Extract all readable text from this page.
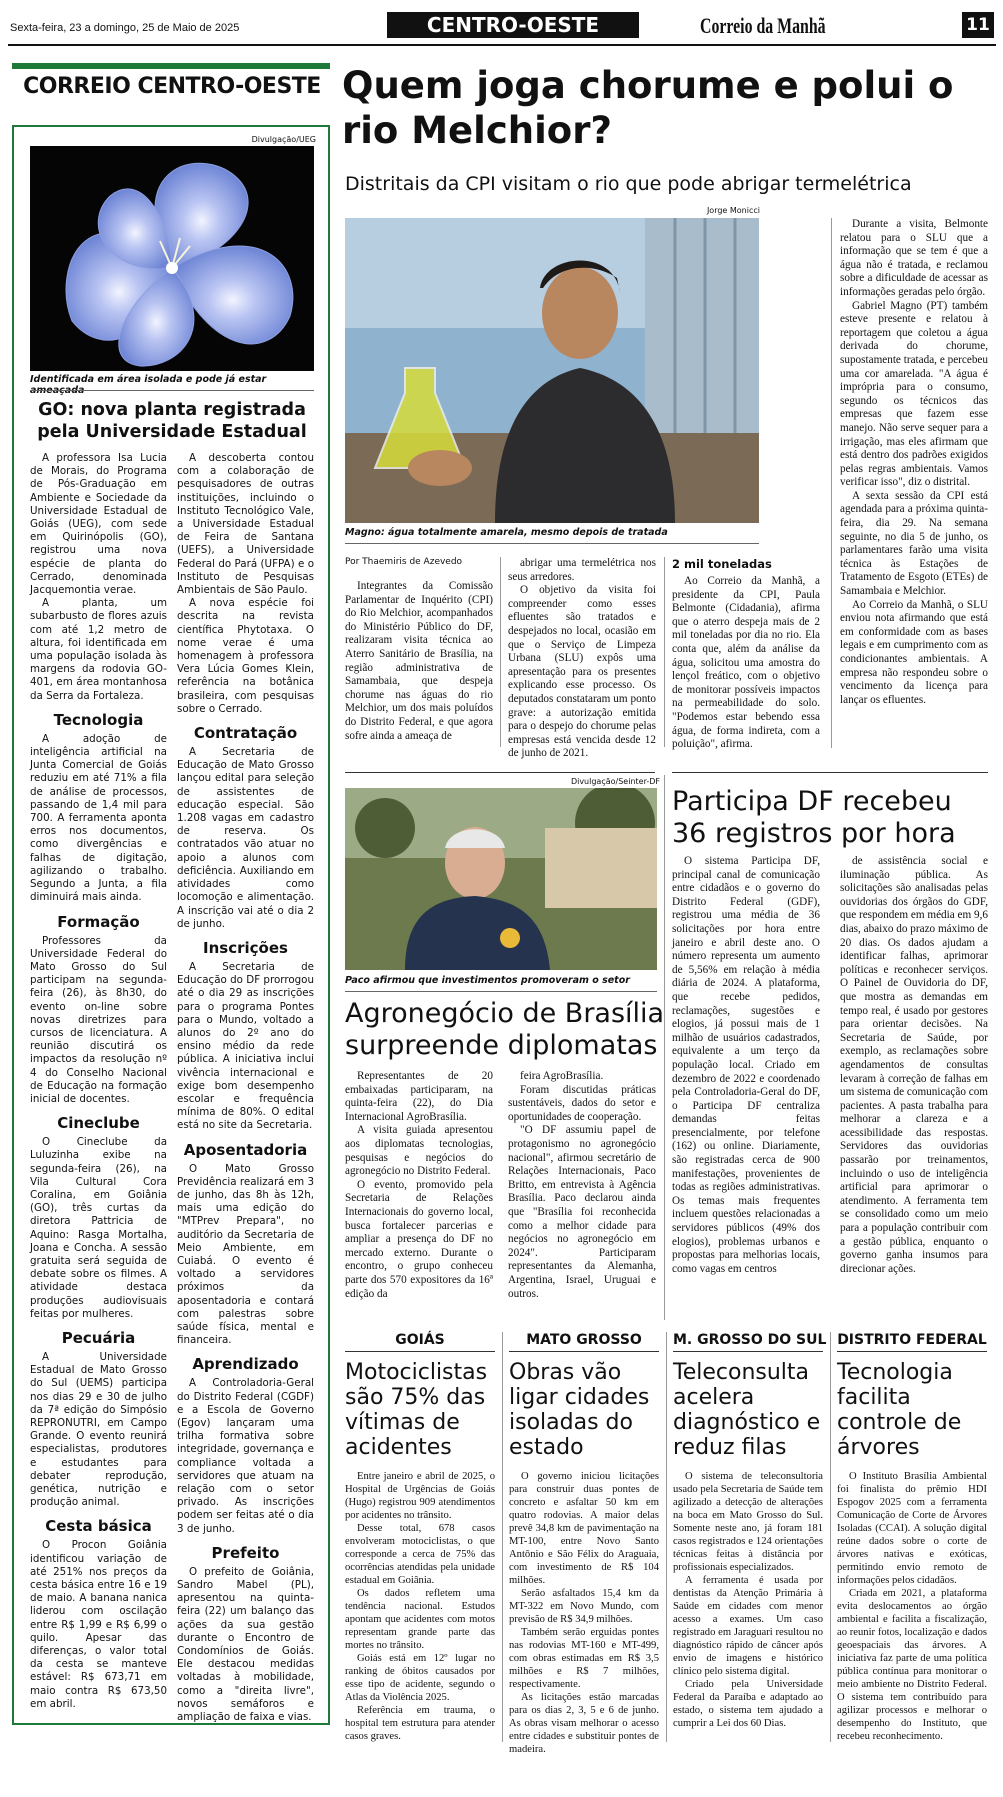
Sexta-feira, 23 a domingo, 25 de Maio de 2025	CENTRO-OESTE	Correio da Manhã	11
CORREIO CENTRO-OESTE
Divulgação/UEG
Identificada em área isolada e pode já estar ameaçada
GO: nova planta registrada pela Universidade Estadual

A professora Isa Lucia de Morais, do Programa de Pós-Graduação em Ambiente e Sociedade da Universidade Estadual de Goiás (UEG), com sede em Quirinópolis (GO), registrou uma nova espécie de planta do Cerrado, denominada Jacquemontia verae.

A planta, um subarbusto de flores azuis com até 1,2 metro de altura, foi identificada em uma população isolada às margens da rodovia GO-401, em área montanhosa da Serra da Fortaleza.

Tecnologia

A adoção de inteligência artificial na Junta Comercial de Goiás reduziu em até 71% a fila de análise de processos, passando de 1,4 mil para 700. A ferramenta aponta erros nos documentos, como divergências e falhas de digitação, agilizando o trabalho. Segundo a Junta, a fila diminuirá mais ainda.

Formação

Professores da Universidade Federal do Mato Grosso do Sul participam na segunda-feira (26), às 8h30, do evento on-line sobre novas diretrizes para cursos de licenciatura. A reunião discutirá os impactos da resolução nº 4 do Conselho Nacional de Educação na formação inicial de docentes.

Cineclube

O Cineclube da Luluzinha exibe na segunda-feira (26), na Vila Cultural Cora Coralina, em Goiânia (GO), três curtas da diretora Pattricia de Aquino: Rasga Mortalha, Joana e Concha. A sessão gratuita será seguida de debate sobre os filmes. A atividade destaca produções audiovisuais feitas por mulheres.

Pecuária

A Universidade Estadual de Mato Grosso do Sul (UEMS) participa nos dias 29 e 30 de julho da 7ª edição do Simpósio REPRONUTRI, em Campo Grande. O evento reunirá especialistas, produtores e estudantes para debater reprodução, genética, nutrição e produção animal.

Cesta básica

O Procon Goiânia identificou variação de até 251% nos preços da cesta básica entre 16 e 19 de maio. A banana nanica liderou com oscilação entre R$ 1,99 e R$ 6,99 o quilo. Apesar das diferenças, o valor total da cesta se manteve estável: R$ 673,71 em maio contra R$ 673,50 em abril.

A descoberta contou com a colaboração de pesquisadores de outras instituições, incluindo o Instituto Tecnológico Vale, a Universidade Estadual de Feira de Santana (UEFS), a Universidade Federal do Pará (UFPA) e o Instituto de Pesquisas Ambientais de São Paulo.

A nova espécie foi descrita na revista científica Phytotaxa. O nome verae é uma homenagem à professora Vera Lúcia Gomes Klein, referência na botânica brasileira, com pesquisas sobre o Cerrado.

Contratação

A Secretaria de Educação de Mato Grosso lançou edital para seleção de assistentes de educação especial. São 1.208 vagas em cadastro de reserva. Os contratados vão atuar no apoio a alunos com deficiência. Auxiliando em atividades como locomoção e alimentação. A inscrição vai até o dia 2 de junho.

Inscrições

A Secretaria de Educação do DF prorrogou até o dia 29 as inscrições para o programa Pontes para o Mundo, voltado a alunos do 2º ano do ensino médio da rede pública. A iniciativa inclui vivência internacional e exige bom desempenho escolar e frequência mínima de 80%. O edital está no site da Secretaria.

Aposentadoria

O Mato Grosso Previdência realizará em 3 de junho, das 8h às 12h, mais uma edição do "MTPrev Prepara", no auditório da Secretaria de Meio Ambiente, em Cuiabá. O evento é voltado a servidores próximos da aposentadoria e contará com palestras sobre saúde física, mental e financeira.

Aprendizado

A Controladoria-Geral do Distrito Federal (CGDF) e a Escola de Governo (Egov) lançaram uma trilha formativa sobre integridade, governança e compliance voltada a servidores que atuam na relação com o setor privado. As inscrições podem ser feitas até o dia 3 de junho.

Prefeito

O prefeito de Goiânia, Sandro Mabel (PL), apresentou na quinta-feira (22) um balanço das ações da sua gestão durante o Encontro de Condomínios de Goiás. Ele destacou medidas voltadas à mobilidade, como a "direita livre", novos semáforos e ampliação de faixa e vias.

Quem joga chorume e polui o rio Melchior?
Distritais da CPI visitam o rio que pode abrigar termelétrica
Jorge Monicci
Magno: água totalmente amarela, mesmo depois de tratada
Por Thaemiris de Azevedo

Integrantes da Comissão Parlamentar de Inquérito (CPI) do Rio Melchior, acompanhados do Ministério Público do DF, realizaram visita técnica ao Aterro Sanitário de Brasília, na região administrativa de Samambaia, que despeja chorume nas águas do rio Melchior, um dos mais poluídos do Distrito Federal, e que agora sofre ainda a ameaça de

abrigar uma termelétrica nos seus arredores.

O objetivo da visita foi compreender como esses efluentes são tratados e despejados no local, ocasião em que o Serviço de Limpeza Urbana (SLU) expôs uma apresentação para os presentes explicando esse processo. Os deputados constataram um ponto grave: a autorização emitida para o despejo do chorume pelas empresas está vencida desde 12 de junho de 2021.

2 mil toneladas

Ao Correio da Manhã, a presidente da CPI, Paula Belmonte (Cidadania), afirma que o aterro despeja mais de 2 mil toneladas por dia no rio. Ela conta que, além da análise da água, solicitou uma amostra do lençol freático, com o objetivo de monitorar possíveis impactos na permeabilidade do solo. "Podemos estar bebendo essa água, de forma indireta, com a poluição", afirma.

Durante a visita, Belmonte relatou para o SLU que a informação que se tem é que a água não é tratada, e reclamou sobre a dificuldade de acessar as informações geradas pelo órgão.

Gabriel Magno (PT) também esteve presente e relatou à reportagem que coletou a água derivada do chorume, supostamente tratada, e percebeu uma cor amarelada. "A água é imprópria para o consumo, segundo os técnicos das empresas que fazem esse manejo. Não serve sequer para a irrigação, mas eles afirmam que está dentro dos padrões exigidos pelas regras ambientais. Vamos verificar isso", diz o distrital.

A sexta sessão da CPI está agendada para a próxima quinta-feira, dia 29. Na semana seguinte, no dia 5 de junho, os parlamentares farão uma visita técnica às Estações de Tratamento de Esgoto (ETEs) de Samambaia e Melchior.

Ao Correio da Manhã, o SLU enviou nota afirmando que está em conformidade com as bases legais e em cumprimento com as condicionantes ambientais. A empresa não respondeu sobre o vencimento da licença para lançar os efluentes.

Divulgação/Seinter-DF
Paco afirmou que investimentos promoveram o setor
Agronegócio de Brasília surpreende diplomatas

Representantes de 20 embaixadas participaram, na quinta-feira (22), do Dia Internacional AgroBrasília.

A visita guiada apresentou aos diplomatas tecnologias, pesquisas e negócios do agronegócio no Distrito Federal.

O evento, promovido pela Secretaria de Relações Internacionais do governo local, busca fortalecer parcerias e ampliar a presença do DF no mercado externo. Durante o encontro, o grupo conheceu parte dos 570 expositores da 16ª edição da

feira AgroBrasília.

Foram discutidas práticas sustentáveis, dados do setor e oportunidades de cooperação.

"O DF assumiu papel de protagonismo no agronegócio nacional", afirmou secretário de Relações Internacionais, Paco Britto, em entrevista à Agência Brasília. Paco declarou ainda que "Brasília foi reconhecida como a melhor cidade para negócios no agronegócio em 2024". Participaram representantes da Alemanha, Argentina, Israel, Uruguai e outros.

Participa DF recebeu 36 registros por hora

O sistema Participa DF, principal canal de comunicação entre cidadãos e o governo do Distrito Federal (GDF), registrou uma média de 36 solicitações por hora entre janeiro e abril deste ano. O número representa um aumento de 5,56% em relação à média diária de 2024. A plataforma, que recebe pedidos, reclamações, sugestões e elogios, já possui mais de 1 milhão de usuários cadastrados, equivalente a um terço da população local. Criado em dezembro de 2022 e coordenado pela Controladoria-Geral do DF, o Participa DF centraliza demandas feitas presencialmente, por telefone (162) ou online. Diariamente, são registradas cerca de 900 manifestações, provenientes de todas as regiões administrativas. Os temas mais frequentes incluem questões relacionadas a servidores públicos (49% dos elogios), problemas urbanos e propostas para melhorias locais, como vagas em centros

de assistência social e iluminação pública. As solicitações são analisadas pelas ouvidorias dos órgãos do GDF, que respondem em média em 9,6 dias, abaixo do prazo máximo de 20 dias. Os dados ajudam a identificar falhas, aprimorar políticas e reconhecer serviços. O Painel de Ouvidoria do DF, que mostra as demandas em tempo real, é usado por gestores para orientar decisões. Na Secretaria de Saúde, por exemplo, as reclamações sobre agendamentos de consultas levaram à correção de falhas em um sistema de comunicação com pacientes. A pasta trabalha para melhorar a clareza e a acessibilidade das respostas. Servidores das ouvidorias passarão por treinamentos, incluindo o uso de inteligência artificial para aprimorar o atendimento. A ferramenta tem se consolidado como um meio para a população contribuir com a gestão pública, enquanto o governo ganha insumos para direcionar ações.

GOIÁS
Motociclistas são 75% das vítimas de acidentes

Entre janeiro e abril de 2025, o Hospital de Urgências de Goiás (Hugo) registrou 909 atendimentos por acidentes no trânsito.

Desse total, 678 casos envolveram motociclistas, o que corresponde a cerca de 75% das ocorrências atendidas pela unidade estadual em Goiânia.

Os dados refletem uma tendência nacional. Estudos apontam que acidentes com motos representam grande parte das mortes no trânsito.

Goiás está em 12º lugar no ranking de óbitos causados por esse tipo de acidente, segundo o Atlas da Violência 2025.

Referência em trauma, o hospital tem estrutura para atender casos graves.

MATO GROSSO
Obras vão ligar cidades isoladas do estado

O governo iniciou licitações para construir duas pontes de concreto e asfaltar 50 km em quatro rodovias. A maior delas prevê 34,8 km de pavimentação na MT-100, entre Novo Santo Antônio e São Félix do Araguaia, com investimento de R$ 104 milhões.

Serão asfaltados 15,4 km da MT-322 em Novo Mundo, com previsão de R$ 34,9 milhões.

Também serão erguidas pontes nas rodovias MT-160 e MT-499, com obras estimadas em R$ 3,5 milhões e R$ 7 milhões, respectivamente.

As licitações estão marcadas para os dias 2, 3, 5 e 6 de junho. As obras visam melhorar o acesso entre cidades e substituir pontes de madeira.

M. GROSSO DO SUL
Teleconsulta acelera diagnóstico e reduz filas

O sistema de teleconsultoria usado pela Secretaria de Saúde tem agilizado a detecção de alterações na boca em Mato Grosso do Sul. Somente neste ano, já foram 181 casos registrados e 124 orientações técnicas feitas à distância por profissionais especializados.

A ferramenta é usada por dentistas da Atenção Primária à Saúde em cidades com menor acesso a exames. Um caso registrado em Jaraguari resultou no diagnóstico rápido de câncer após envio de imagens e histórico clínico pelo sistema digital.

Criado pela Universidade Federal da Paraíba e adaptado ao estado, o sistema tem ajudado a cumprir a Lei dos 60 Dias.

DISTRITO FEDERAL
Tecnologia facilita controle de árvores

O Instituto Brasília Ambiental foi finalista do prêmio HDI Espogov 2025 com a ferramenta Comunicação de Corte de Árvores Isoladas (CCAI). A solução digital reúne dados sobre o corte de árvores nativas e exóticas, permitindo envio remoto de informações pelos cidadãos.

Criada em 2021, a plataforma evita deslocamentos ao órgão ambiental e facilita a fiscalização, ao reunir fotos, localização e dados geoespaciais das árvores. A iniciativa faz parte de uma política pública contínua para monitorar o meio ambiente no Distrito Federal. O sistema tem contribuído para agilizar processos e melhorar o desempenho do Instituto, que recebeu reconhecimento.
